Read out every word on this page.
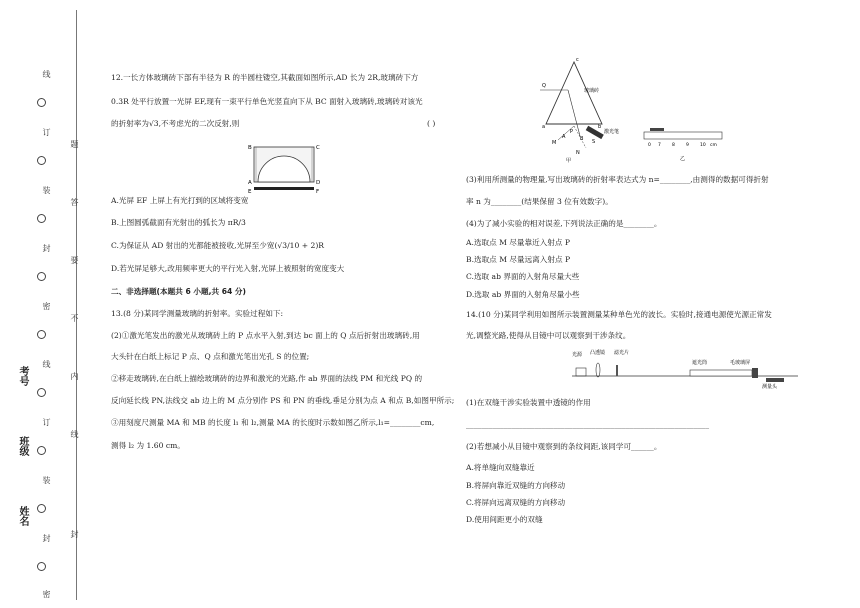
线
订
装
封
密
线
订
装
封
密
题
答
要
不
内
线
封
考号
班级
姓名
12.一长方体玻璃砖下部有半径为 R 的半圆柱镂空,其截面如图所示,AD 长为 2R,玻璃砖下方
0.3R 处平行放置一光屏 EF,现有一束平行单色光竖直向下从 BC 面射入玻璃砖,玻璃砖对该光
的折射率为√3,不考虑光的二次反射,则	( )
B	C
A	D
E	F
A.光屏 EF 上屏上有光打到的区域将变宽
B.上图圆弧截面有光射出的弧长为 πR/3
C.为保证从 AD 射出的光都能被接收,光屏至少宽(√3/10 + 2)R
D.若光屏足够大,改用频率更大的平行光入射,光屏上被照射的宽度变大
二、非选择题(本题共 6 小题,共 64 分)
13.(8 分)某同学测量玻璃的折射率。实验过程如下:
(2)①激光笔发出的激光从玻璃砖上的 P 点水平入射,到达 bc 面上的 Q 点后折射出玻璃砖,用
大头针在白纸上标记 P 点、Q 点和激光笔出光孔 S 的位置;
②移走玻璃砖,在白纸上描绘玻璃砖的边界和激光的光路,作 ab 界面的法线 PM 和光线 PQ 的
反向延长线 PN,法线交 ab 边上的 M 点分别作 PS 和 PN 的垂线,垂足分别为点 A 和点 B,如图甲所示;
③用刻度尺测量 MA 和 MB 的长度 l₁ 和 l₂,测量 MA 的长度时示数如图乙所示,l₁=________cm,
测得 l₂ 为 1.60 cm。
c
Q
b
a
P
M
N
S
A	B
玻璃砖
激光笔
甲
0 7 8 9 10 cm
乙
(3)利用所测量的物理量,写出玻璃砖的折射率表达式为 n=________,由测得的数据可得折射
率 n 为________(结果保留 3 位有效数字)。
(4)为了减小实验的相对误差,下列说法正确的是________。
A.选取点 M 尽量靠近入射点 P
B.选取点 M 尽量远离入射点 P
C.选取 ab 界面的入射角尽量大些
D.选取 ab 界面的入射角尽量小些
14.(10 分)某同学利用如图所示装置测量某种单色光的波长。实验时,接通电源使光源正常发
光,调整光路,使得从目镜中可以观察到干涉条纹。
光源 凸透镜 滤光片
遮光筒	毛玻璃屏
测量头
(1)在双缝干涉实验装置中透镜的作用
________________________________________________________________
(2)若想减小从目镜中观察到的条纹间距,该同学可______。
A.将单缝向双缝靠近
B.将屏向靠近双缝的方向移动
C.将屏向远离双缝的方向移动
D.使用间距更小的双缝
